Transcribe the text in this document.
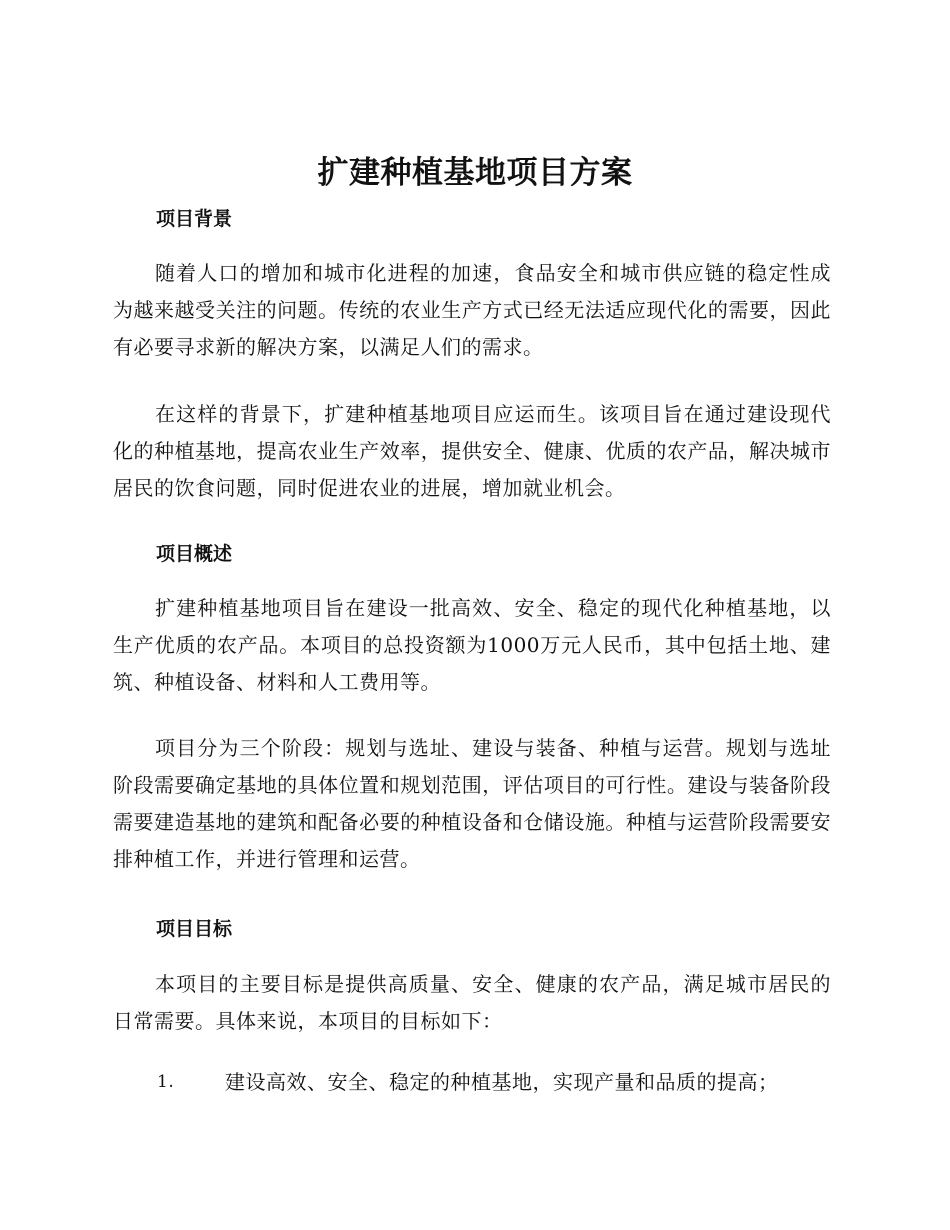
扩建种植基地项目方案
项目背景

随着人口的增加和城市化进程的加速，食品安全和城市供应链的稳定性成为越来越受关注的问题。传统的农业生产方式已经无法适应现代化的需要，因此有必要寻求新的解决方案，以满足人们的需求。

在这样的背景下，扩建种植基地项目应运而生。该项目旨在通过建设现代化的种植基地，提高农业生产效率，提供安全、健康、优质的农产品，解决城市居民的饮食问题，同时促进农业的进展，增加就业机会。

项目概述

扩建种植基地项目旨在建设一批高效、安全、稳定的现代化种植基地，以生产优质的农产品。本项目的总投资额为1000万元人民币，其中包括土地、建筑、种植设备、材料和人工费用等。

项目分为三个阶段：规划与选址、建设与装备、种植与运营。规划与选址阶段需要确定基地的具体位置和规划范围，评估项目的可行性。建设与装备阶段需要建造基地的建筑和配备必要的种植设备和仓储设施。种植与运营阶段需要安排种植工作，并进行管理和运营。

项目目标

本项目的主要目标是提供高质量、安全、健康的农产品，满足城市居民的日常需要。具体来说，本项目的目标如下：

1.	建设高效、安全、稳定的种植基地，实现产量和品质的提高；
